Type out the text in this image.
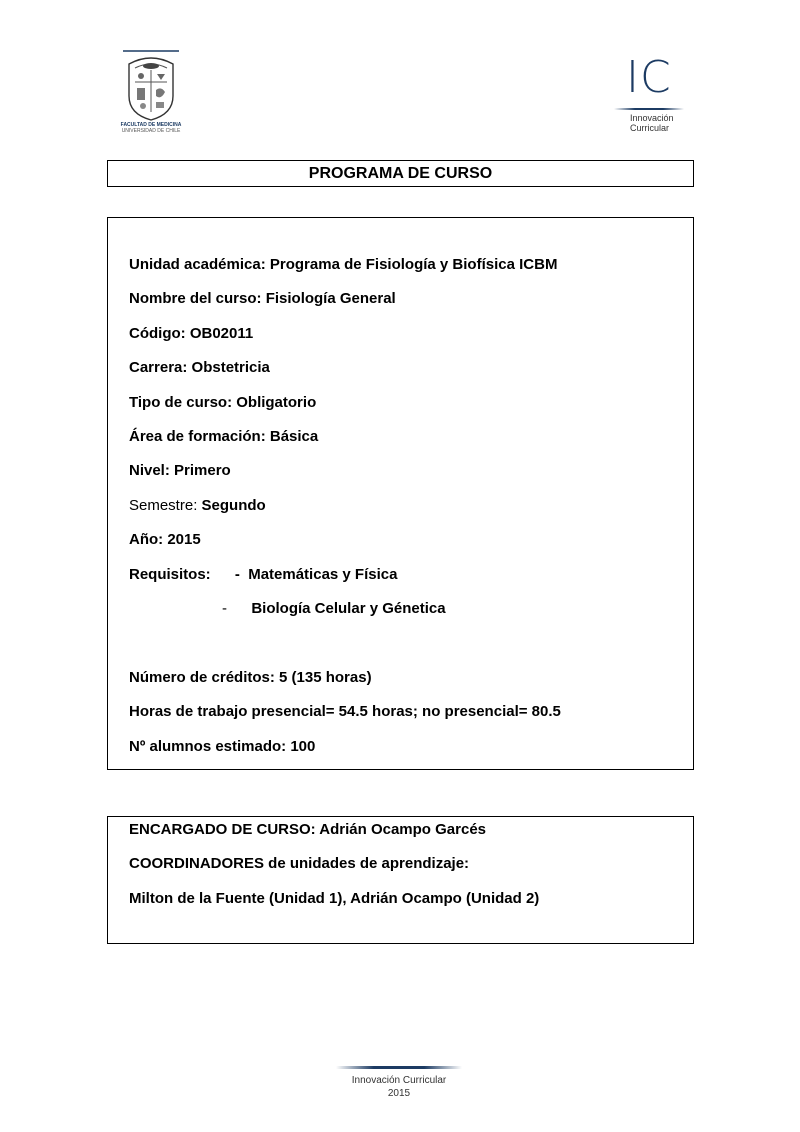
FACULTAD DE MEDICINA
UNIVERSIDAD DE CHILE
IC
Innovación
Curricular
PROGRAMA DE CURSO
Unidad académica: Programa de Fisiología y Biofísica ICBM
Nombre del curso: Fisiología General
Código: OB02011
Carrera: Obstetricia
Tipo de curso: Obligatorio
Área de formación: Básica
Nivel: Primero
Semestre: Segundo
Año: 2015
Requisitos: -  Matemáticas y Física
- Biología Celular y Génetica
Número de créditos: 5 (135 horas)
Horas de trabajo presencial= 54.5 horas; no presencial= 80.5
Nº alumnos estimado: 100
ENCARGADO DE CURSO: Adrián Ocampo Garcés
COORDINADORES de unidades de aprendizaje:
Milton de la Fuente (Unidad 1), Adrián Ocampo (Unidad 2)
Innovación Curricular
2015
